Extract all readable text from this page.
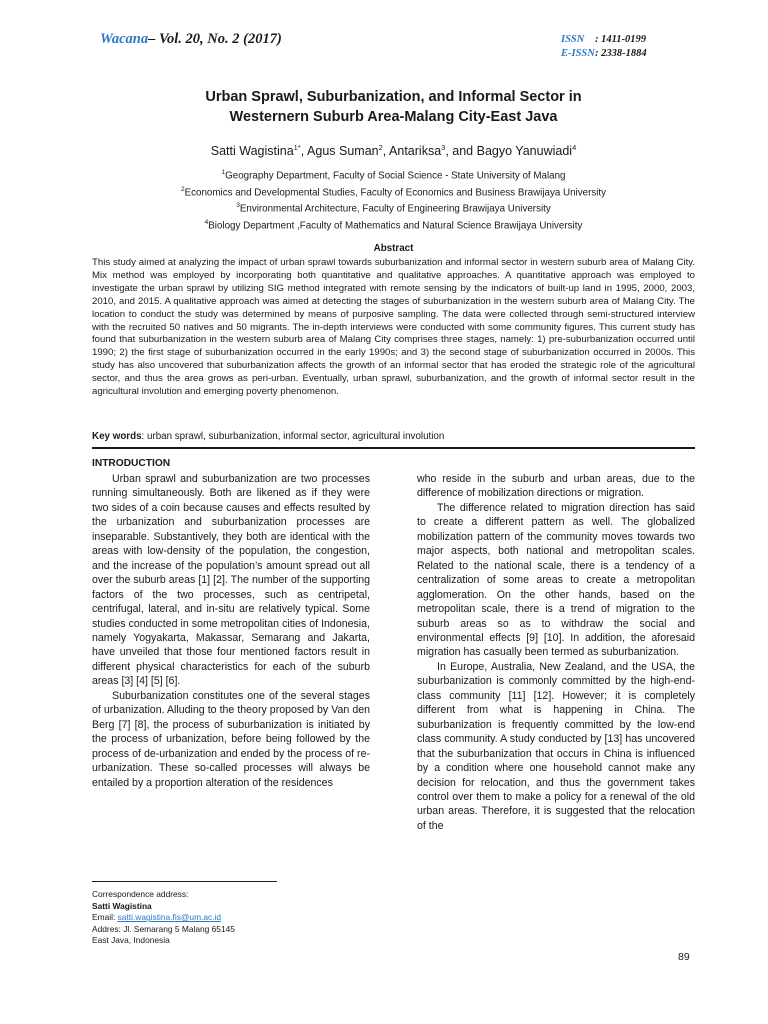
Wacana– Vol. 20, No. 2 (2017)	ISSN	: 1411-0199
E-ISSN : 2338-1884
Urban Sprawl, Suburbanization, and Informal Sector in
Westernern Suburb Area-Malang City-East Java
Satti Wagistina$^{1*}$, Agus Suman$^2$, Antariksa$^3$, and Bagyo Yanuwiadi$^4$
$^1$Geography Department, Faculty of Social Science - State University of Malang
$^2$Economics and Developmental Studies, Faculty of Economics and Business Brawijaya University
$^3$Environmental Architecture, Faculty of Engineering Brawijaya University
$^4$Biology Department ,Faculty of Mathematics and Natural Science Brawijaya University
Abstract
This study aimed at analyzing the impact of urban sprawl towards suburbanization and informal sector in western suburb area of Malang City. Mix method was employed by incorporating both quantitative and qualitative approaches. A quantitative approach was employed to investigate the urban sprawl by utilizing SIG method integrated with remote sensing by the indicators of built-up land in 1995, 2000, 2003, 2010, and 2015. A qualitative approach was aimed at detecting the stages of suburbanization in the western suburb area of Malang City. The location to conduct the study was determined by means of purposive sampling. The data were collected through semi-structured interview with the recruited 50 natives and 50 migrants. The in-depth interviews were conducted with some community figures. This current study has found that suburbanization in the western suburb area of Malang City comprises three stages, namely: 1) pre-suburbanization occurred until 1990; 2) the first stage of suburbanization occurred in the early 1990s; and 3) the second stage of suburbanization occurred in 2000s. This study has also uncovered that suburbanization affects the growth of an informal sector that has eroded the strategic role of the agricultural sector, and thus the area grows as peri-urban. Eventually, urban sprawl, suburbanization, and the growth of informal sector result in the agricultural involution and emerging poverty phenomenon.
Key words: urban sprawl, suburbanization, informal sector, agricultural involution
INTRODUCTION

Urban sprawl and suburbanization are two processes running simultaneously. Both are likened as if they were two sides of a coin because causes and effects resulted by the urbanization and suburbanization processes are inseparable. Substantively, they both are identical with the areas with low-density of the population, the congestion, and the increase of the population’s amount spread out all over the suburb areas [1] [2]. The number of the supporting factors of the two processes, such as centripetal, centrifugal, lateral, and in-situ are relatively typical. Some studies conducted in some metropolitan cities of Indonesia, namely Yogyakarta, Makassar, Semarang and Jakarta, have unveiled that those four mentioned factors result in different physical characteristics for each of the suburb areas [3] [4] [5] [6].

Suburbanization constitutes one of the several stages of urbanization. Alluding to the theory proposed by Van den Berg [7] [8], the process of suburbanization is initiated by the process of urbanization, before being followed by the process of de-urbanization and ended by the process of re-urbanization. These so-called processes will always be entailed by a proportion alteration of the residences

who reside in the suburb and urban areas, due to the difference of mobilization directions or migration.

The difference related to migration direction has said to create a different pattern as well. The globalized mobilization pattern of the community moves towards two major aspects, both national and metropolitan scales. Related to the national scale, there is a tendency of a centralization of some areas to create a metropolitan agglomeration. On the other hands, based on the metropolitan scale, there is a trend of migration to the suburb areas so as to withdraw the social and environmental effects [9] [10]. In addition, the aforesaid migration has casually been termed as suburbanization.

In Europe, Australia, New Zealand, and the USA, the suburbanization is commonly committed by the high-end-class community [11] [12]. However; it is completely different from what is happening in China. The suburbanization is frequently committed by the low-end class community. A study conducted by [13] has uncovered that the suburbanization that occurs in China is influenced by a condition where one household cannot make any decision for relocation, and thus the government takes control over them to make a policy for a renewal of the old urban areas. Therefore, it is suggested that the relocation of the

Correspondence address:
Satti Wagistina
Email: satti.wagistina.fis@um.ac.id
Addres: Jl. Semarang 5 Malang 65145
East Java, Indonesia
89
